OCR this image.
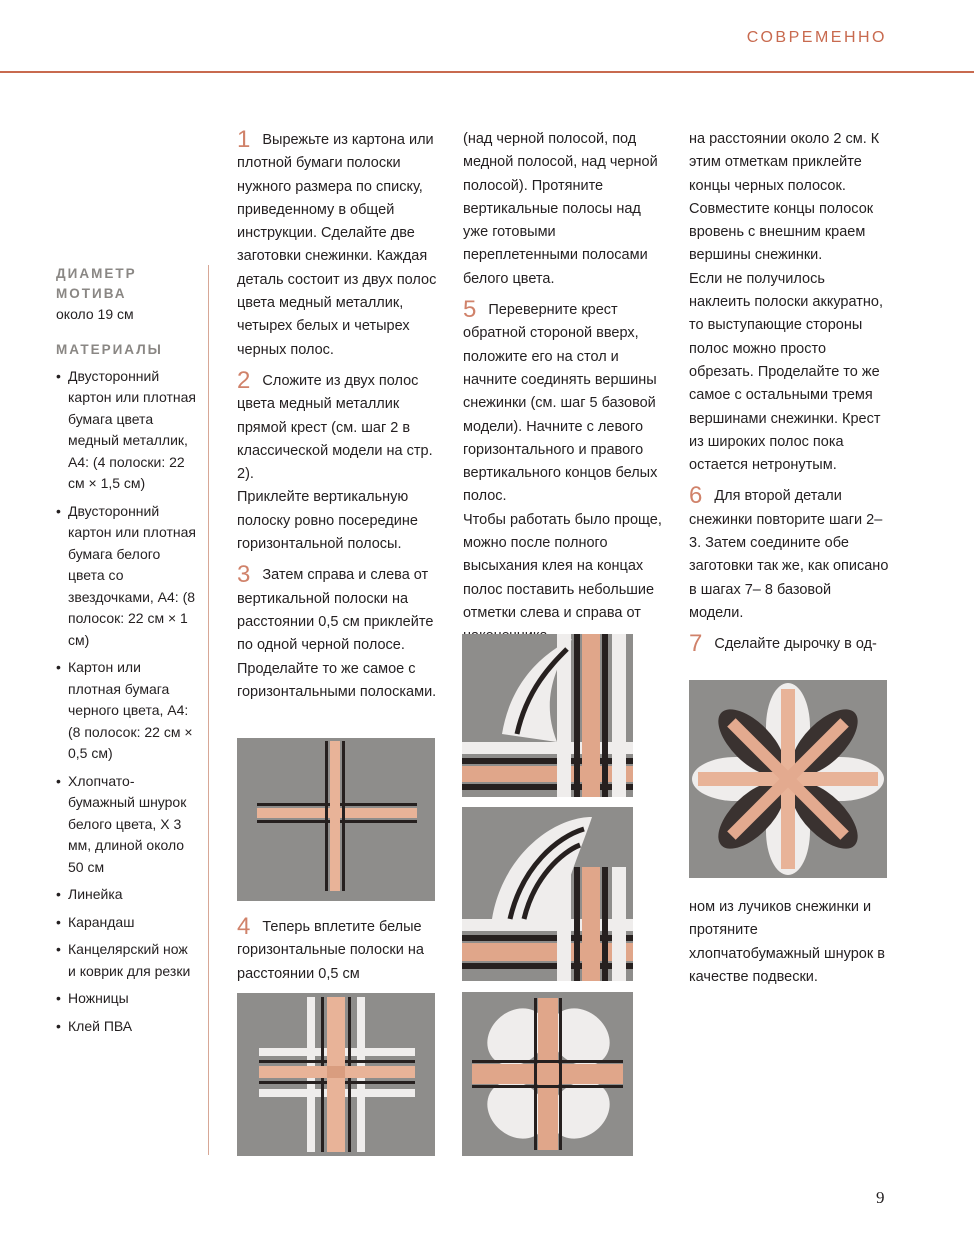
СОВРЕМЕННО
ДИАМЕТР
МОТИВА
около 19 см
МАТЕРИАЛЫ
• Двусторонний картон или плотная бумага цвета медный металлик, А4: (4 полоски: 22 см × 1,5 см)
• Двусторонний картон или плотная бумага белого цвета со звездочками, А4: (8 полосок: 22 см × 1 см)
• Картон или плотная бумага черного цвета, А4: (8 полосок: 22 см × 0,5 см)
• Хлопчато-бумажный шнурок белого цвета, Х 3 мм, длиной около 50 см
• Линейка
• Карандаш
• Канцелярский нож и коврик для резки
• Ножницы
• Клей ПВА

1 Вырежьте из картона или плотной бумаги полоски нужного размера по списку, приведенному в общей инструкции. Сделайте две заготовки снежинки. Каждая деталь состоит из двух полос цвета медный металлик, четырех белых и четырех черных полос.

2 Сложите из двух полос цвета медный металлик прямой крест (см. шаг 2 в классической модели на стр. 2).

Приклейте вертикальную полоску ровно посередине горизонтальной полосы.

3 Затем справа и слева от вертикальной полоски на расстоянии 0,5 см приклейте по одной черной полосе. Проделайте то же самое с горизонтальными полосками.

4 Теперь вплетите белые горизонтальные полоски на расстоянии 0,5 см

(над черной полосой, под медной полосой, над черной полосой). Протяните вертикальные полосы над уже готовыми переплетенными полосами белого цвета.

5 Переверните крест обратной стороной вверх, положите его на стол и начните соединять вершины снежинки (см. шаг 5 базовой модели). Начните с левого горизонтального и правого вертикального концов белых полос.

Чтобы работать было проще, можно после полного высыхания клея на концах полос поставить небольшие отметки слева и справа от

на расстоянии около 2 см. К этим отметкам приклейте концы черных полосок. Совместите концы полосок вровень с внешним краем вершины снежинки.

Если не получилось наклеить полоски аккуратно, то выступающие стороны полос можно просто обрезать. Проделайте то же самое с остальными тремя вершинами снежинки. Крест из широких полос пока остается нетронутым.

6 Для второй детали снежинки повторите шаги 2–3. Затем соедините обе заготовки так же, как описано в шагах 7– 8 базовой модели.

7 Сделайте дырочку в од-

ном из лучиков снежинки и протяните хлопчатобумажный шнурок в качестве подвески.

9
